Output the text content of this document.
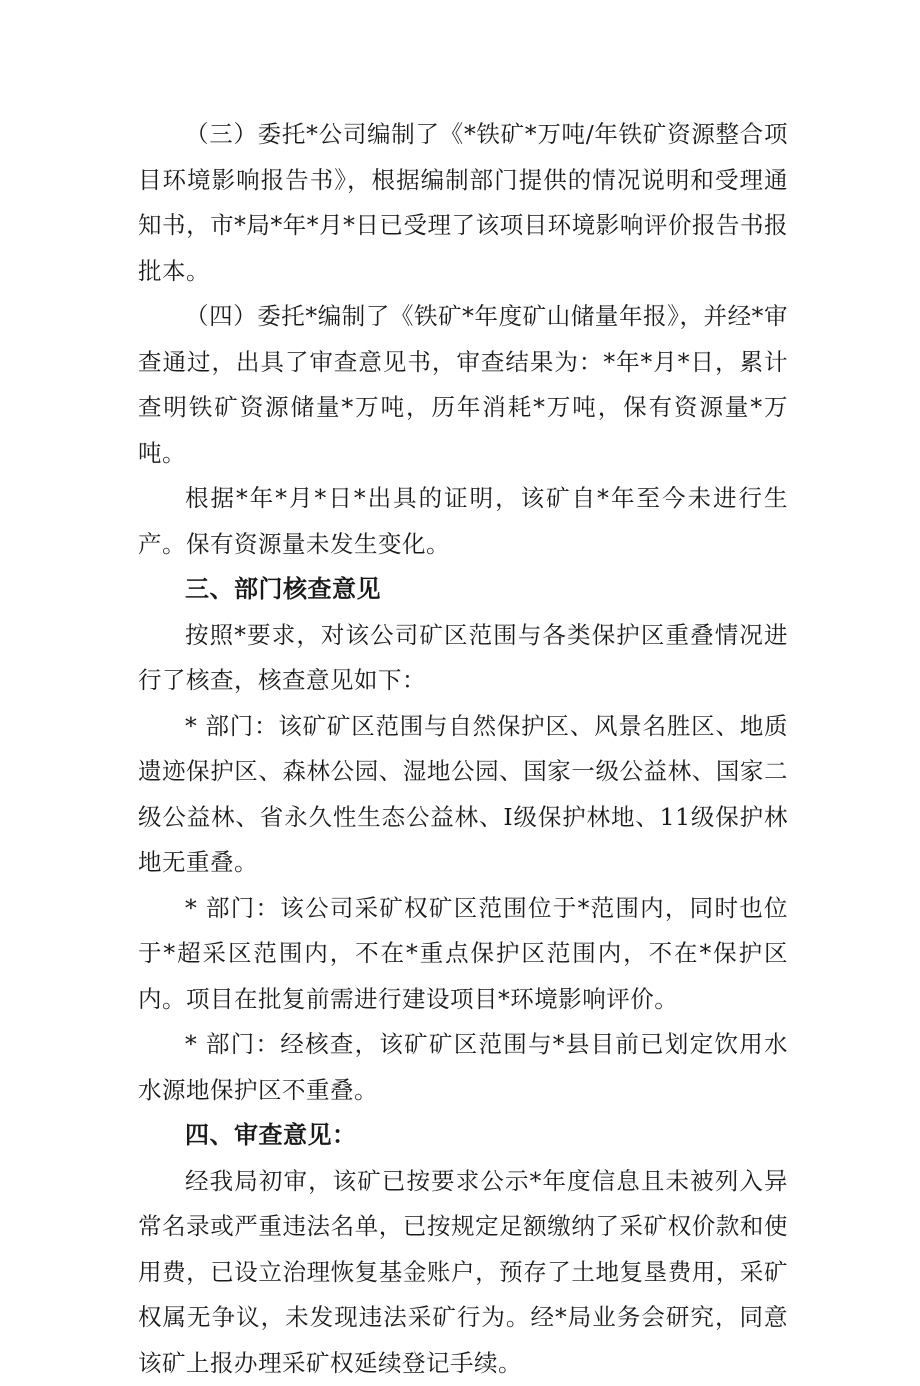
（三）委托*公司编制了《*铁矿*万吨/年铁矿资源整合项目环境影响报告书》，根据编制部门提供的情况说明和受理通知书，市*局*年*月*日已受理了该项目环境影响评价报告书报批本。

（四）委托*编制了《铁矿*年度矿山储量年报》，并经*审查通过，出具了审查意见书，审查结果为：*年*月*日，累计查明铁矿资源储量*万吨，历年消耗*万吨，保有资源量*万吨。

根据*年*月*日*出具的证明，该矿自*年至今未进行生产。保有资源量未发生变化。

三、部门核查意见

按照*要求，对该公司矿区范围与各类保护区重叠情况进行了核查，核查意见如下：

* 部门：该矿矿区范围与自然保护区、风景名胜区、地质遗迹保护区、森林公园、湿地公园、国家一级公益林、国家二级公益林、省永久性生态公益林、I级保护林地、11级保护林地无重叠。

* 部门：该公司采矿权矿区范围位于*范围内，同时也位于*超采区范围内，不在*重点保护区范围内，不在*保护区内。项目在批复前需进行建设项目*环境影响评价。

* 部门：经核查，该矿矿区范围与*县目前已划定饮用水水源地保护区不重叠。

四、审查意见：

经我局初审，该矿已按要求公示*年度信息且未被列入异常名录或严重违法名单，已按规定足额缴纳了采矿权价款和使用费，已设立治理恢复基金账户，预存了土地复垦费用，采矿权属无争议，未发现违法采矿行为。经*局业务会研究，同意该矿上报办理采矿权延续登记手续。
